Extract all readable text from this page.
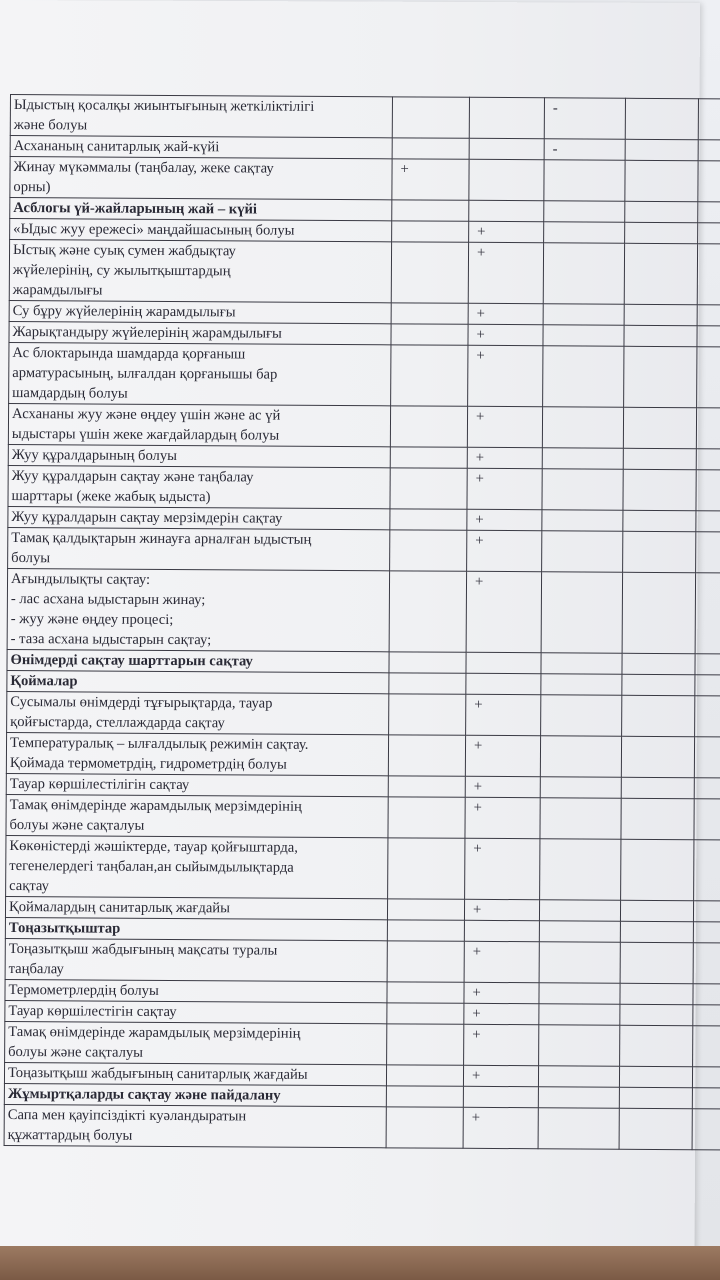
Ыдыстың қосалқы жиынтығының жеткіліктілігі
және болуы			-		
Асхананың санитарлық жай-күйі			-		
Жинау мүкәммалы (таңбалау, жеке сақтау
орны)	+				
Асблогы үй-жайларының жай – күйі					
«Ыдыс жуу ережесі» маңдайшасының болуы		+			
Ыстық және суық сумен жабдықтау
жүйелерінің, су жылытқыштардың
жарамдылығы		+			
Су бұру жүйелерінің жарамдылығы		+			
Жарықтандыру жүйелерінің жарамдылығы		+			
Ас блоктарында шамдарда қорғаныш
арматурасының, ылғалдан қорғанышы бар
шамдардың болуы		+			
Асхананы жуу және өңдеу үшін және ас үй
ыдыстары үшін жеке жағдайлардың болуы		+			
Жуу құралдарының болуы		+			
Жуу құралдарын сақтау және таңбалау
шарттары (жеке жабық ыдыста)		+			
Жуу құралдарын сақтау мерзімдерін сақтау		+			
Тамақ қалдықтарын жинауға арналған ыдыстың
болуы		+			
Ағындылықты сақтау:
- лас асхана ыдыстарын жинау;
- жуу және өңдеу процесі;
- таза асхана ыдыстарын сақтау;		+			
Өнімдерді сақтау шарттарын сақтау					
Қоймалар					
Сусымалы өнімдерді тұғырықтарда, тауар
қойғыстарда, стеллаждарда сақтау		+			
Температуралық – ылғалдылық режимін сақтау.
Қоймада термометрдің, гидрометрдің болуы		+			
Тауар көршілестілігін сақтау		+			
Тамақ өнімдерінде жарамдылық мерзімдерінің
болуы және сақталуы		+			
Көкөністерді жәшіктерде, тауар қойғыштарда,
тегенелердегі таңбалан,ан сыйымдылықтарда
сақтау		+			
Қоймалардың санитарлық жағдайы		+			
Тоңазытқыштар					
Тоңазытқыш жабдығының мақсаты туралы
таңбалау		+			
Термометрлердің болуы		+			
Тауар көршілестігін сақтау		+			
Тамақ өнімдерінде жарамдылық мерзімдерінің
болуы және сақталуы		+			
Тоңазытқыш жабдығының санитарлық жағдайы		+			
Жұмыртқаларды сақтау және пайдалану					
Сапа мен қауіпсіздікті куәландыратын
құжаттардың болуы		+			
